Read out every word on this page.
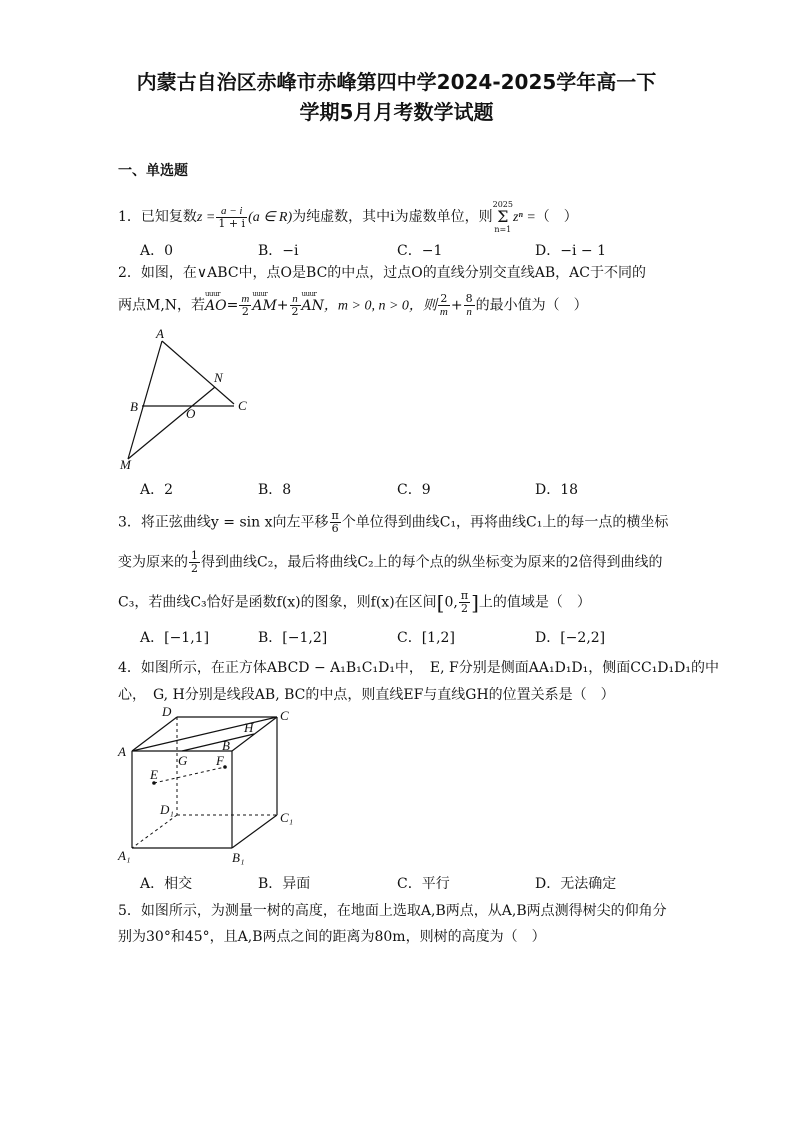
内蒙古自治区赤峰市赤峰第四中学2024-2025学年高一下
学期5月月考数学试题
一、单选题
1．已知复数$z = \frac{a - i}{1 + i} (a$ ∈ R)为纯虚数，其中i为虚数单位，则2025
Σ
n=1zⁿ =（　）
A．0	B．−i	C．−1	D．−i − 1
2．如图，在∨ABC中，点O是BC的中点，过点O的直线分别交直线AB，AC于不同的
两点M,N，若uuur $AO= \frac{m}{2}$ uuur $AM+ \frac{n}{2}$ uuur AN，m > 0, n > 0，则 $\frac{2}{m} + \frac{8}{n}$ 的最小值为（　）
A
N
B	O
C
M
A．2	B．8	C．9	D．18
3．将正弦曲线y = sin x向左平移 $\frac{\pi}{6}$ 个单位得到曲线C₁，再将曲线C₁上的每一点的横坐标
变为原来的 $\frac{1}{2}$ 得到曲线C₂，最后将曲线C₂上的每个点的纵坐标变为原来的2倍得到曲线的
C₃，若曲线C₃恰好是函数f(x)的图象，则f(x)在区间[0, $\frac{\pi}{2}$ ]上的值域是（　）
A．[−1,1]	B．[−1,2]	C．[1,2]	D．[−2,2]
4．如图所示，在正方体ABCD − A₁B₁C₁D₁中，　E, F分别是侧面AA₁D₁D₁，侧面CC₁D₁D₁的中
心，　G, H分别是线段AB, BC的中点，则直线EF与直线GH的位置关系是（　）
D
H
C
A	B
G F
E
D₁
C₁
A₁	B₁
A．相交	B．异面	C．平行	D．无法确定
5．如图所示，为测量一树的高度，在地面上选取A,B两点，从A,B两点测得树尖的仰角分
别为30°和45°，且A,B两点之间的距离为80m，则树的高度为（　）
